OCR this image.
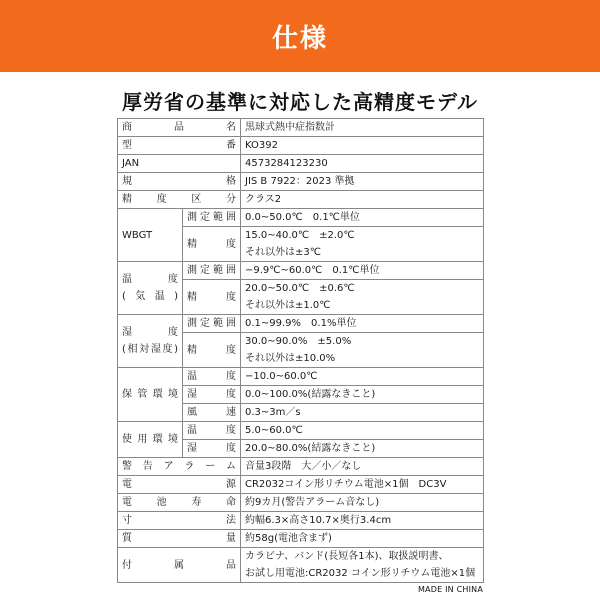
仕様
厚労省の基準に対応した高精度モデル
商品名		黒球式熱中症指数計
型番		KO392
JAN		4573284123230
規格		JIS B 7922：2023 準拠
精度区分		クラス2
WBGT	測定範囲	0.0~50.0℃　0.1℃単位
	精度	15.0~40.0℃　±2.0℃
それ以外は±3℃

温度
(気温)	測定範囲	−9.9℃~60.0℃　0.1℃単位
	精度	20.0~50.0℃　±0.6℃
それ以外は±1.0℃

湿度
(相対湿度)	測定範囲	0.1~99.9%　0.1%単位
	精度	30.0~90.0%　±5.0%
それ以外は±10.0%

保管環境	温度	−10.0~60.0℃
	湿度	0.0~100.0%(結露なきこと)
	風速	0.3~3m／s
使用環境	温度	5.0~60.0℃
	湿度	20.0~80.0%(結露なきこと)
警告アラーム		音量3段階　大／小／なし
電源		CR2032コイン形リチウム電池×1個　DC3V
電池寿命		約9カ月(警告アラーム音なし)
寸法		約幅6.3×高さ10.7×奥行3.4cm
質量		約58g(電池含まず)
付属品		カラビナ、バンド(長短各1本)、取扱説明書、
お試し用電池:CR2032 コイン形リチウム電池×1個
MADE IN CHINA
